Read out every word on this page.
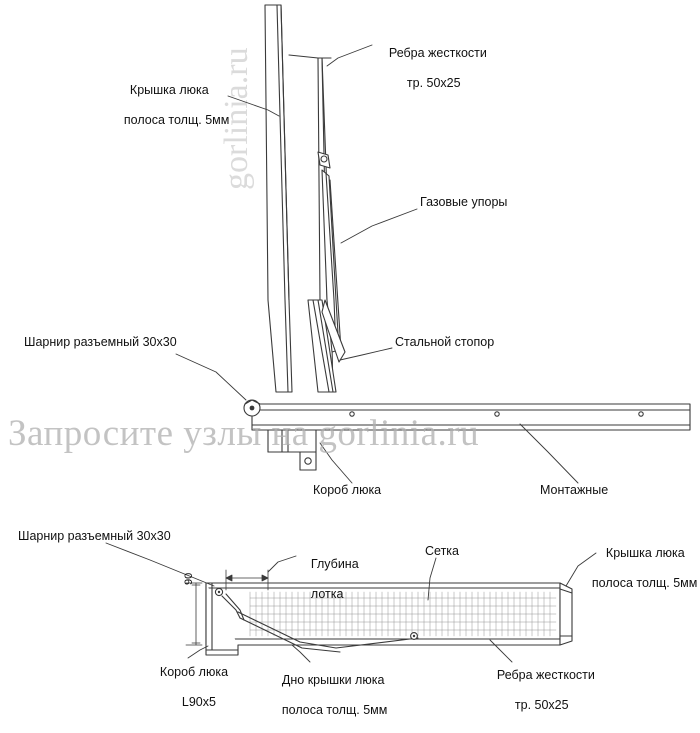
gorlinia.ru	Ребра жесткости

тр. 50х25

Крышка люка

полоса толщ. 5мм

Газовые упоры
Шарнир разъемный 30х30	Стальной стопор
Короб люка	Монтажные
Шарнир разъемный 30х30

Глубина

лотка

Сетка	Крышка люка

полоса толщ. 5мм

Короб люка

L90х5

Дно крышки люка

полоса толщ. 5мм

Ребра жесткости

тр. 50х25

90
Запросите узлы на gorlinia.ru
